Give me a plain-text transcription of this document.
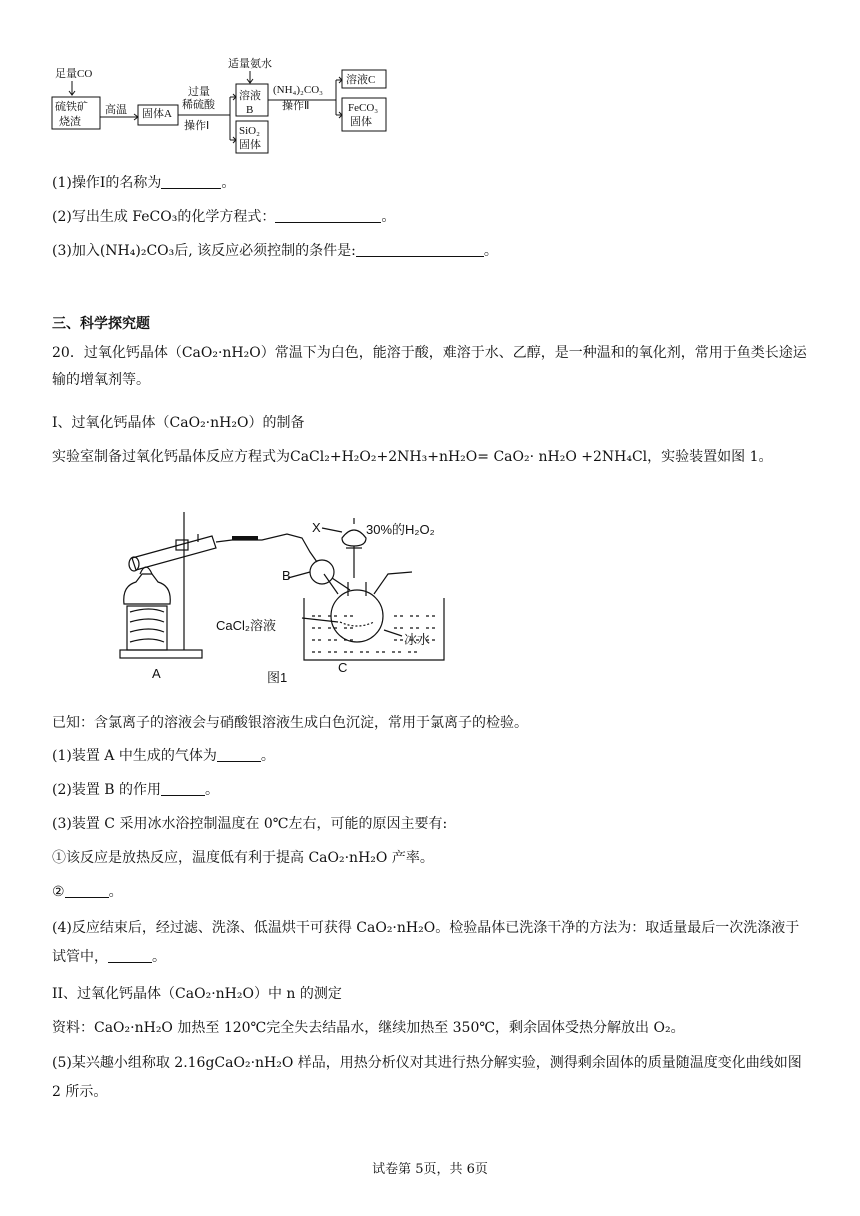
足量CO
硫铁矿
烧渣
高温 固体A
过量
稀硫酸
操作Ⅰ
适量氨水
溶液
B
SiO₂
固体
(NH₄)₂CO₃
操作Ⅱ
溶液C
FeCO₃
固体
(1)操作I的名称为	。
(2)写出生成 FeCO₃的化学方程式：	。
(3)加入(NH₄)₂CO₃后, 该反应必须控制的条件是:	。
三、科学探究题
20．过氧化钙晶体（CaO₂·nH₂O）常温下为白色，能溶于酸，难溶于水、乙醇，是一种温和的氧化剂，常用于鱼类长途运输的增氧剂等。
I、过氧化钙晶体（CaO₂·nH₂O）的制备
实验室制备过氧化钙晶体反应方程式为CaCl₂+H₂O₂+2NH₃+nH₂O= CaO₂· nH₂O +2NH₄Cl，实验装置如图 1。
X	30%的H₂O₂
B
CaCl₂溶液
冰水
A	C
图1
已知：含氯离子的溶液会与硝酸银溶液生成白色沉淀，常用于氯离子的检验。
(1)装置 A 中生成的气体为	。
(2)装置 B 的作用	。
(3)装置 C 采用冰水浴控制温度在 0℃左右，可能的原因主要有:
①该反应是放热反应，温度低有利于提高 CaO₂·nH₂O 产率。
②	。
(4)反应结束后，经过滤、洗涤、低温烘干可获得 CaO₂·nH₂O。检验晶体已洗涤干净的方法为：取适量最后一次洗涤液于试管中，	。
II、过氧化钙晶体（CaO₂·nH₂O）中 n 的测定
资料：CaO₂·nH₂O 加热至 120℃完全失去结晶水，继续加热至 350℃，剩余固体受热分解放出 O₂。
(5)某兴趣小组称取 2.16gCaO₂·nH₂O 样品，用热分析仪对其进行热分解实验，测得剩余固体的质量随温度变化曲线如图 2 所示。
试卷第 5页，共 6页
